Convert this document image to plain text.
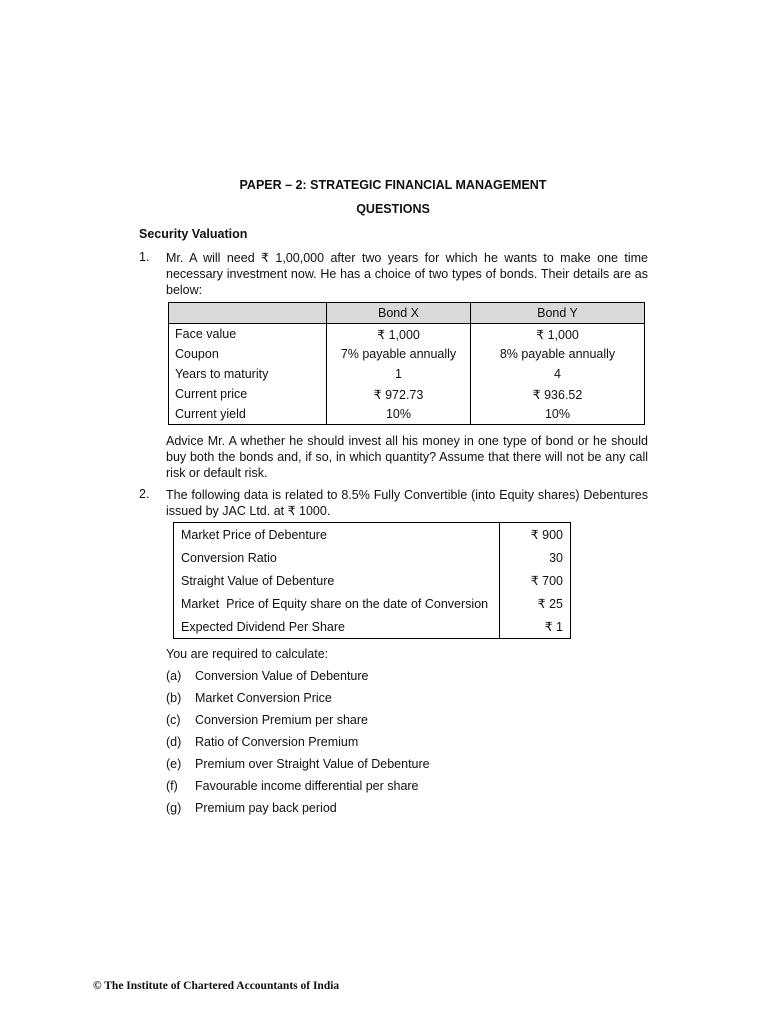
PAPER – 2: STRATEGIC FINANCIAL MANAGEMENT
QUESTIONS
Security Valuation
1. Mr. A will need ₹ 1,00,000 after two years for which he wants to make one time
necessary investment now. He has a choice of two types of bonds. Their details are as
below:
	Bond X	Bond Y
Face value	₹ 1,000	₹ 1,000
Coupon	7% payable annually	8% payable annually
Years to maturity	1	4
Current price	₹ 972.73	₹ 936.52
Current yield	10%	10%
Advice Mr. A whether he should invest all his money in one type of bond or he should
buy both the bonds and, if so, in which quantity? Assume that there will not be any call
risk or default risk.
2. The following data is related to 8.5% Fully Convertible (into Equity shares) Debentures
issued by JAC Ltd. at ₹ 1000.
Market Price of Debenture	₹ 900
Conversion Ratio	30
Straight Value of Debenture	₹ 700
Market  Price of Equity share on the date of Conversion	₹ 25
Expected Dividend Per Share	₹ 1
You are required to calculate:
(a) Conversion Value of Debenture
(b) Market Conversion Price
(c) Conversion Premium per share
(d) Ratio of Conversion Premium
(e) Premium over Straight Value of Debenture
(f) Favourable income differential per share
(g) Premium pay back period
© The Institute of Chartered Accountants of India
